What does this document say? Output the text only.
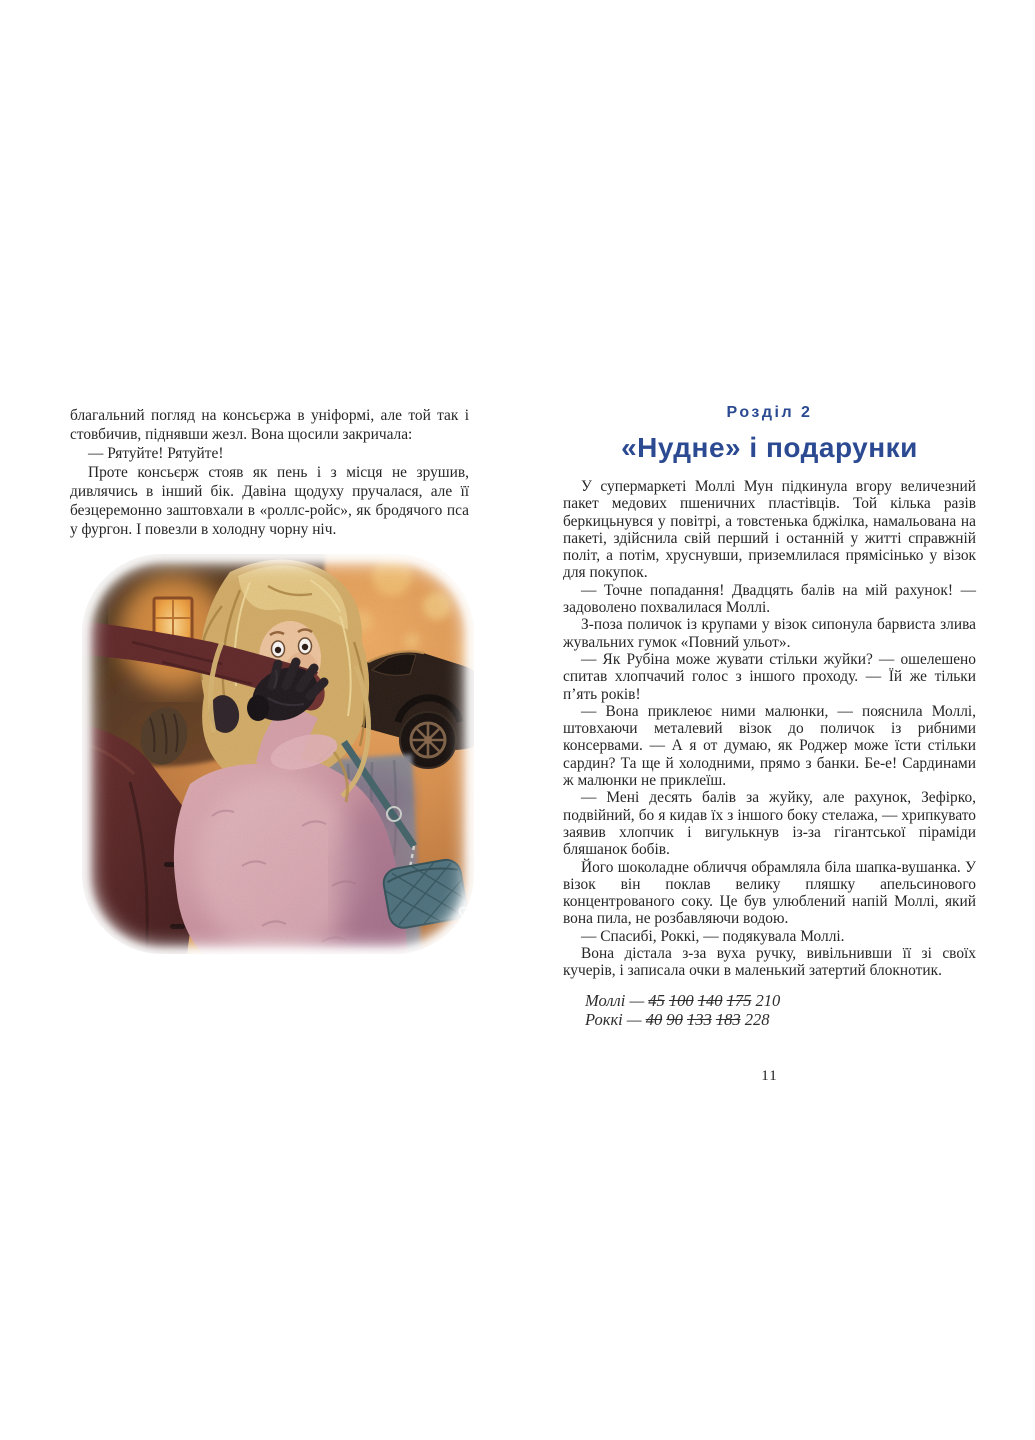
благальний погляд на консьєржа в уніформі, але той так і стовбичив, піднявши жезл. Вона щосили закричала:

— Рятуйте! Рятуйте!

Проте консьєрж стояв як пень і з місця не зрушив, дивлячись в інший бік. Давіна щодуху пручалася, але її безцеремонно заштовхали в «роллс-ройс», як бродячого пса у фургон. І повезли в холодну чорну ніч.

Розділ 2
«Нудне» і подарунки

У супермаркеті Моллі Мун підкинула вгору величезний пакет медових пшеничних пластівців. Той кілька разів беркицьнувся у повітрі, а товстенька бджілка, намальована на пакеті, здійснила свій перший і останній у житті справжній політ, а потім, хруснувши, приземлилася прямісінько у візок для покупок.

— Точне попадання! Двадцять балів на мій рахунок! — задоволено похвалилася Моллі.

З-поза поличок із крупами у візок сипонула барвиста злива жувальних гумок «Повний ульот».

— Як Рубіна може жувати стільки жуйки? — ошелешено спитав хлопчачий голос з іншого проходу. — Їй же тільки п’ять років!

— Вона приклеює ними малюнки, — пояснила Моллі, штовхаючи металевий візок до поличок із рибними консервами. — А я от думаю, як Роджер може їсти стільки сардин? Та ще й холодними, прямо з банки. Бе-е! Сардинами ж малюнки не приклеїш.

— Мені десять балів за жуйку, але рахунок, Зефірко, подвійний, бо я кидав їх з іншого боку стелажа, — хрипкувато заявив хлопчик і вигулькнув із-за гігантської піраміди бляшанок бобів.

Його шоколадне обличчя обрамляла біла шапка-вушанка. У візок він поклав велику пляшку апельсинового концентрованого соку. Це був улюблений напій Моллі, який вона пила, не розбавляючи водою.

— Спасибі, Роккі, — подякувала Моллі.

Вона дістала з-за вуха ручку, вивільнивши її зі своїх кучерів, і записала очки в маленький затертий блокнотик.

Моллі — 45 100 140 175 210
Роккі — 40 90 133 183 228
11
